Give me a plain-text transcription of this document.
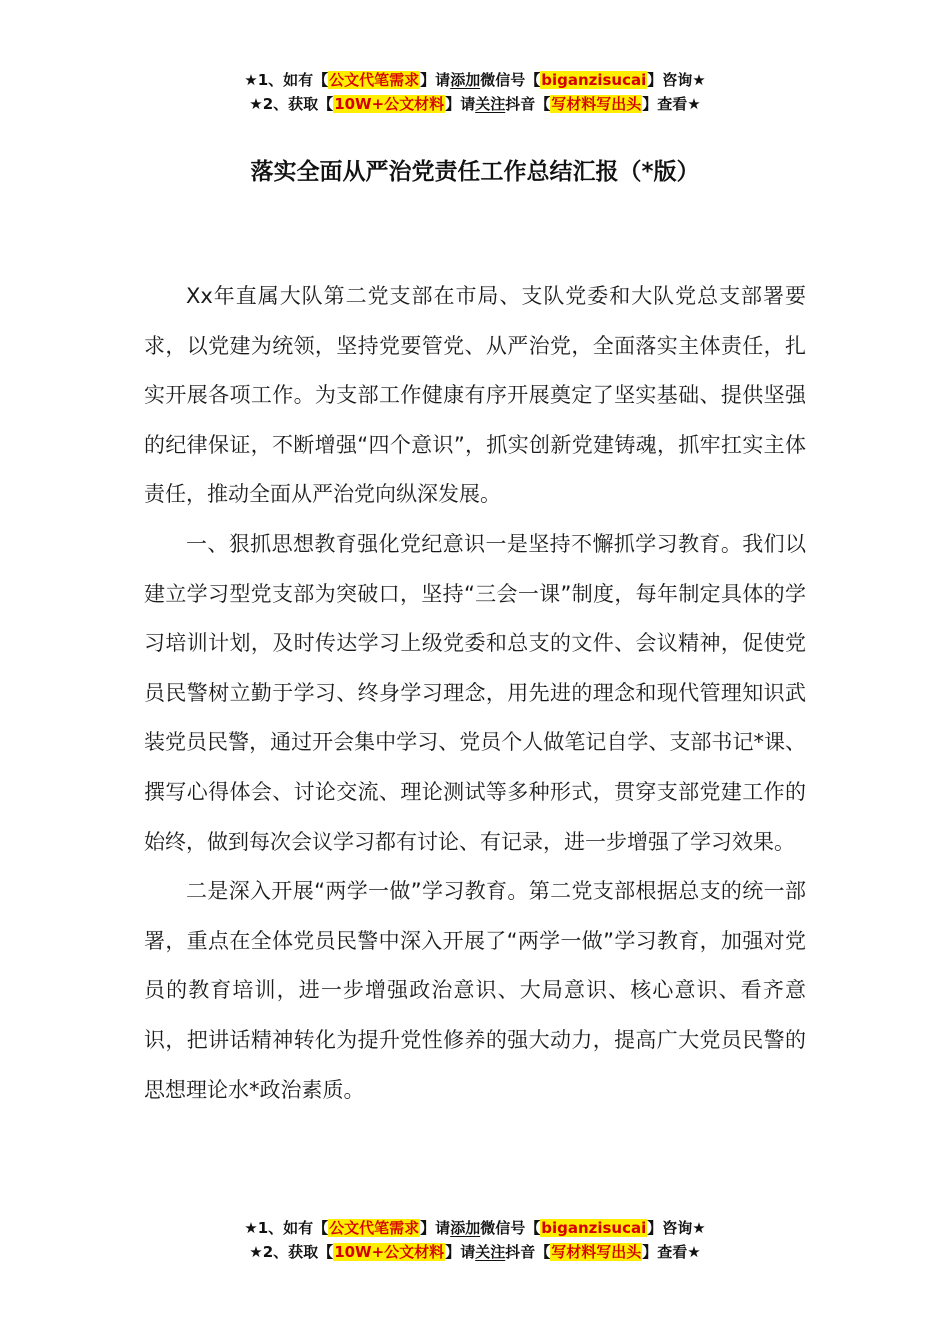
★1、如有【公文代笔需求】请添加微信号【biganzisucai】咨询★
★2、获取【10W+公文材料】请关注抖音【写材料写出头】查看★
落实全面从严治党责任工作总结汇报（*版）

Xx年直属大队第二党支部在市局、支队党委和大队党总支部署要求，以党建为统领，坚持党要管党、从严治党，全面落实主体责任，扎实开展各项工作。为支部工作健康有序开展奠定了坚实基础、提供坚强的纪律保证，不断增强“四个意识”，抓实创新党建铸魂，抓牢扛实主体责任，推动全面从严治党向纵深发展。

一、狠抓思想教育强化党纪意识一是坚持不懈抓学习教育。我们以建立学习型党支部为突破口，坚持“三会一课”制度，每年制定具体的学习培训计划，及时传达学习上级党委和总支的文件、会议精神，促使党员民警树立勤于学习、终身学习理念，用先进的理念和现代管理知识武装党员民警，通过开会集中学习、党员个人做笔记自学、支部书记*课、撰写心得体会、讨论交流、理论测试等多种形式，贯穿支部党建工作的始终，做到每次会议学习都有讨论、有记录，进一步增强了学习效果。

二是深入开展“两学一做”学习教育。第二党支部根据总支的统一部署，重点在全体党员民警中深入开展了“两学一做”学习教育，加强对党员的教育培训，进一步增强政治意识、大局意识、核心意识、看齐意识，把讲话精神转化为提升党性修养的强大动力，提高广大党员民警的思想理论水*政治素质。

★1、如有【公文代笔需求】请添加微信号【biganzisucai】咨询★
★2、获取【10W+公文材料】请关注抖音【写材料写出头】查看★
